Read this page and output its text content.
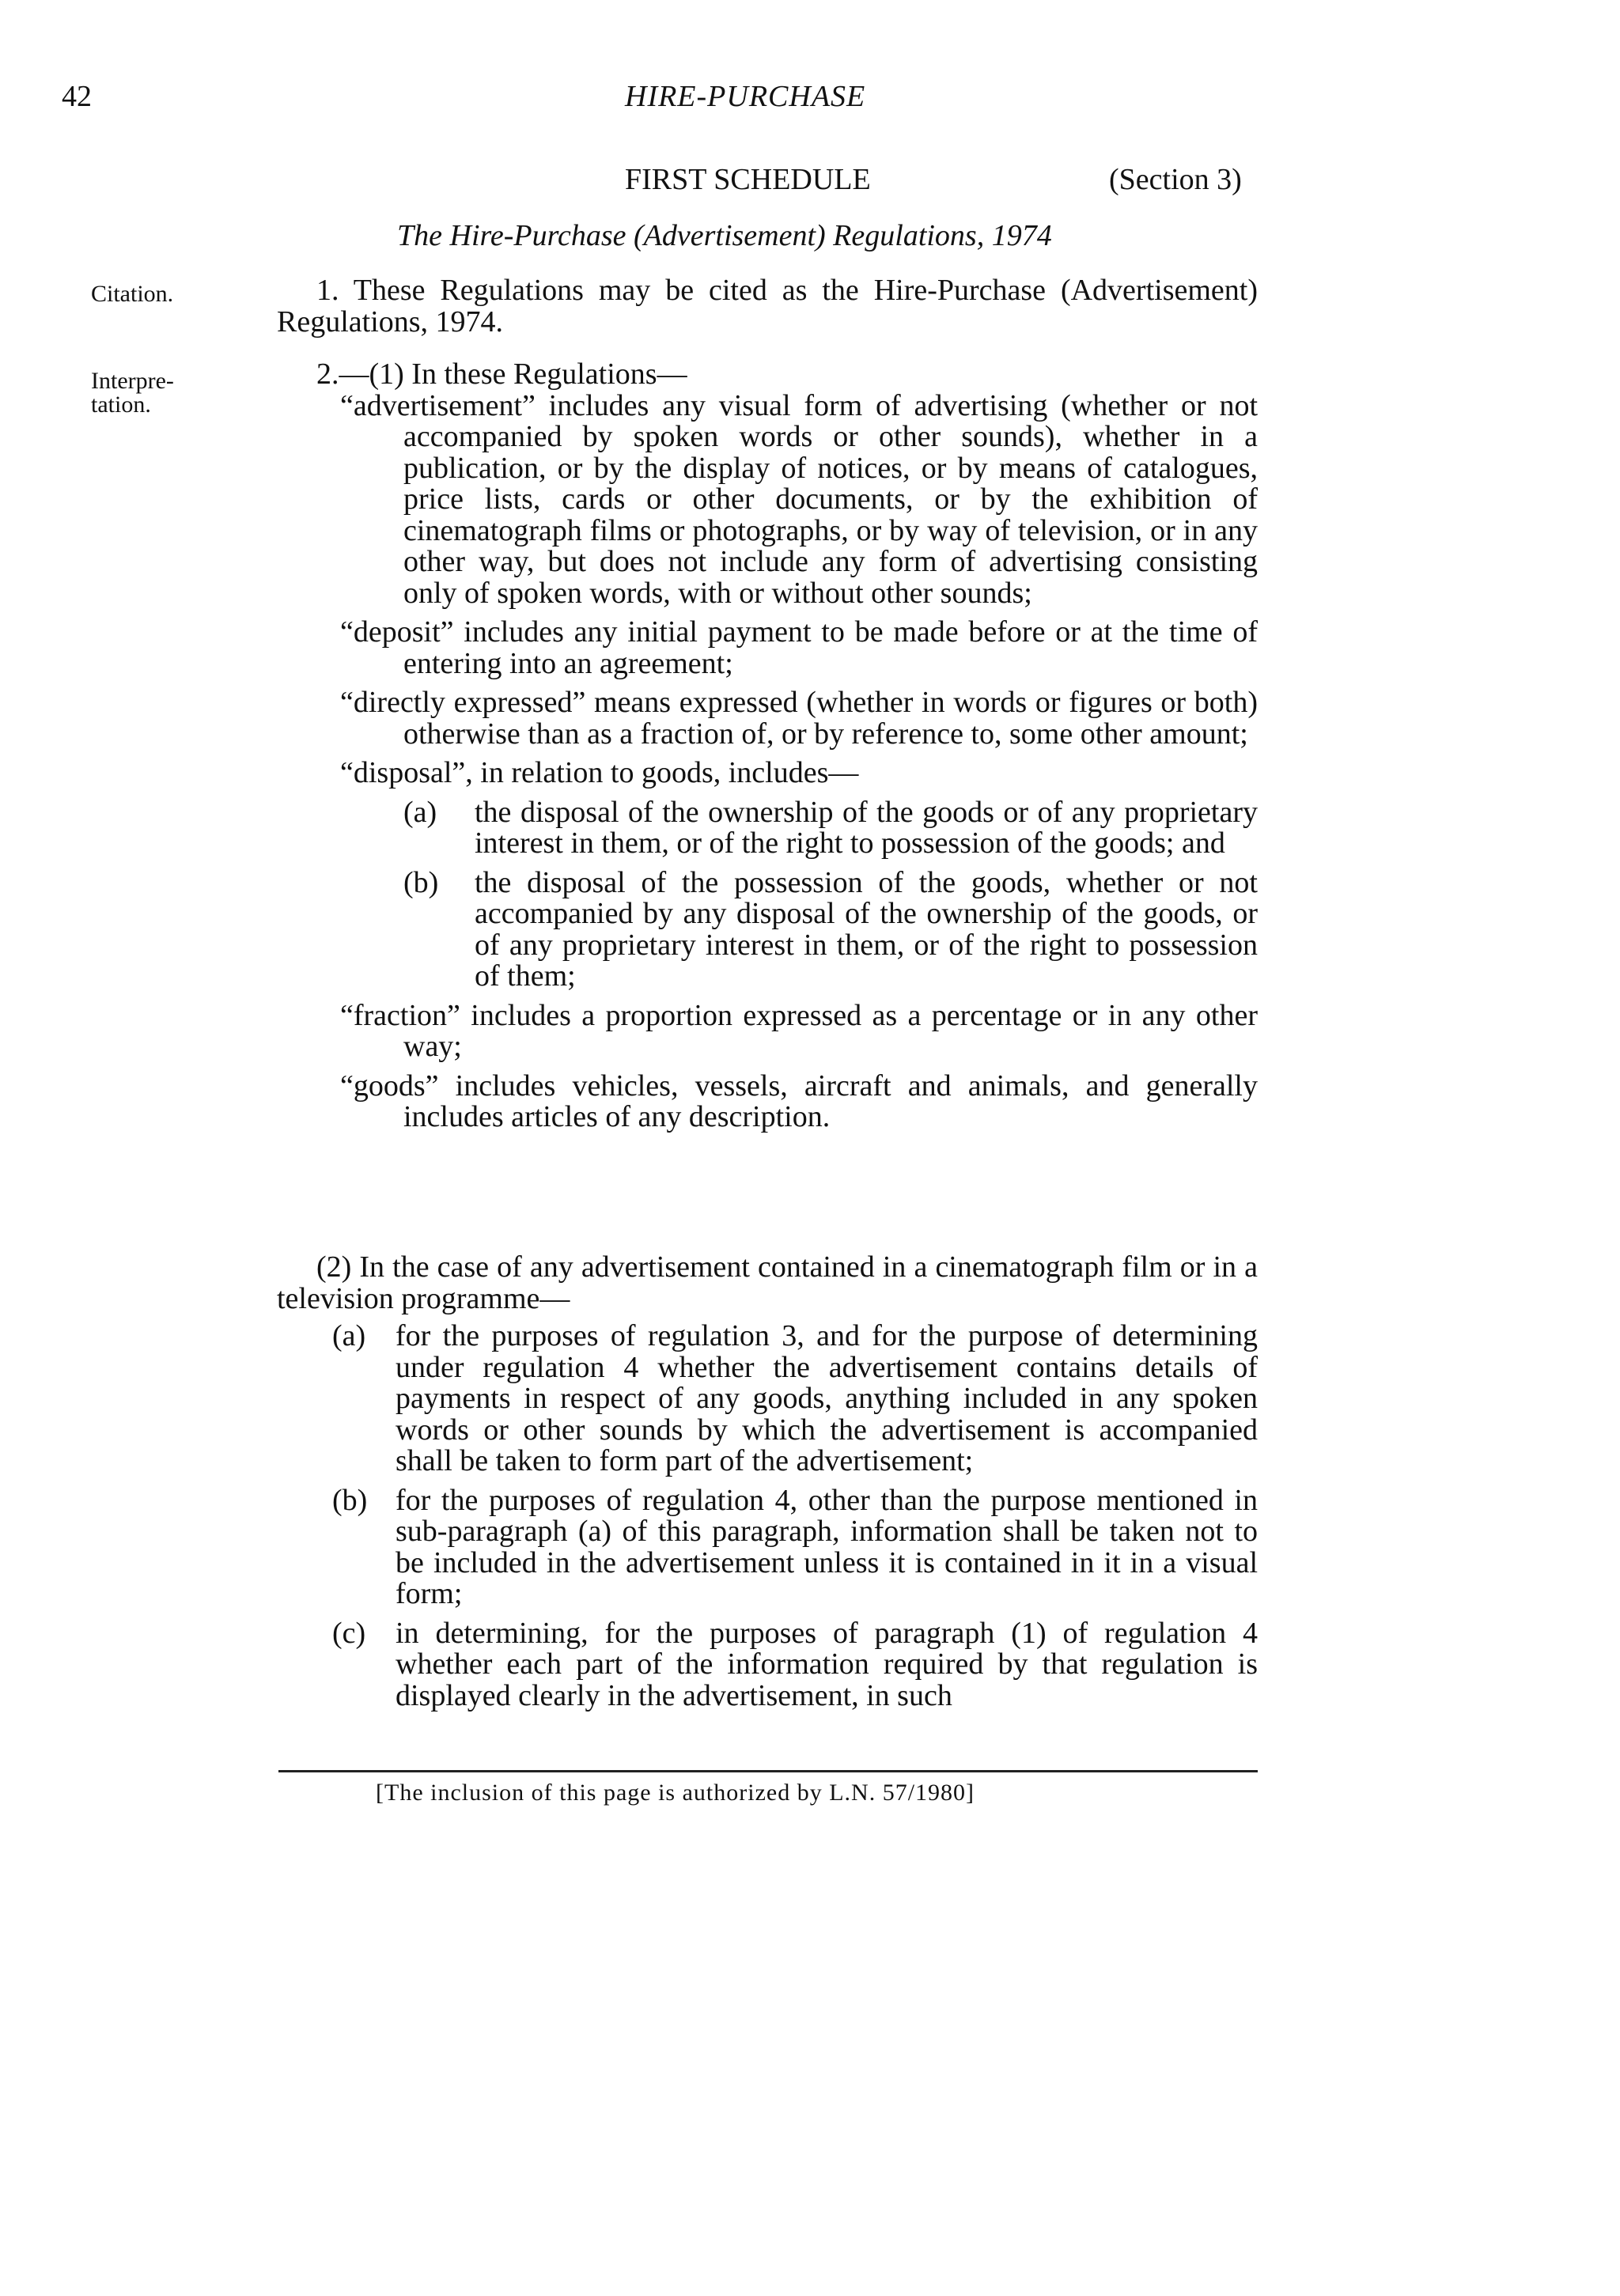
42	HIRE-PURCHASE
FIRST SCHEDULE	(Section 3)
The Hire-Purchase (Advertisement) Regulations, 1974
Citation.
Interpre-
tation.

1. These Regulations may be cited as the Hire-Purchase (Advertisement) Regulations, 1974.

2.—(1) In these Regulations—

“advertisement” includes any visual form of advertising (whether or not accompanied by spoken words or other sounds), whether in a publication, or by the display of notices, or by means of catalogues, price lists, cards or other documents, or by the exhibition of cinematograph films or photographs, or by way of television, or in any other way, but does not include any form of advertising consisting only of spoken words, with or without other sounds;

“deposit” includes any initial payment to be made before or at the time of entering into an agreement;

“directly expressed” means expressed (whether in words or figures or both) otherwise than as a fraction of, or by reference to, some other amount;

“disposal”, in relation to goods, includes—

(a) the disposal of the ownership of the goods or of any proprietary interest in them, or of the right to possession of the goods; and
(b) the disposal of the possession of the goods, whether or not accompanied by any disposal of the ownership of the goods, or of any proprietary interest in them, or of the right to possession of them;

“fraction” includes a proportion expressed as a percentage or in any other way;

“goods” includes vehicles, vessels, aircraft and animals, and generally includes articles of any description.

(2) In the case of any advertisement contained in a cinematograph film or in a television programme—

(a) for the purposes of regulation 3, and for the purpose of determining under regulation 4 whether the advertisement contains details of payments in respect of any goods, anything included in any spoken words or other sounds by which the advertisement is accompanied shall be taken to form part of the advertisement;
(b) for the purposes of regulation 4, other than the purpose mentioned in sub-paragraph (a) of this paragraph, information shall be taken not to be included in the advertisement unless it is contained in it in a visual form;
(c) in determining, for the purposes of paragraph (1) of regulation 4 whether each part of the information required by that regulation is displayed clearly in the advertisement, in such
[The inclusion of this page is authorized by L.N. 57/1980]
